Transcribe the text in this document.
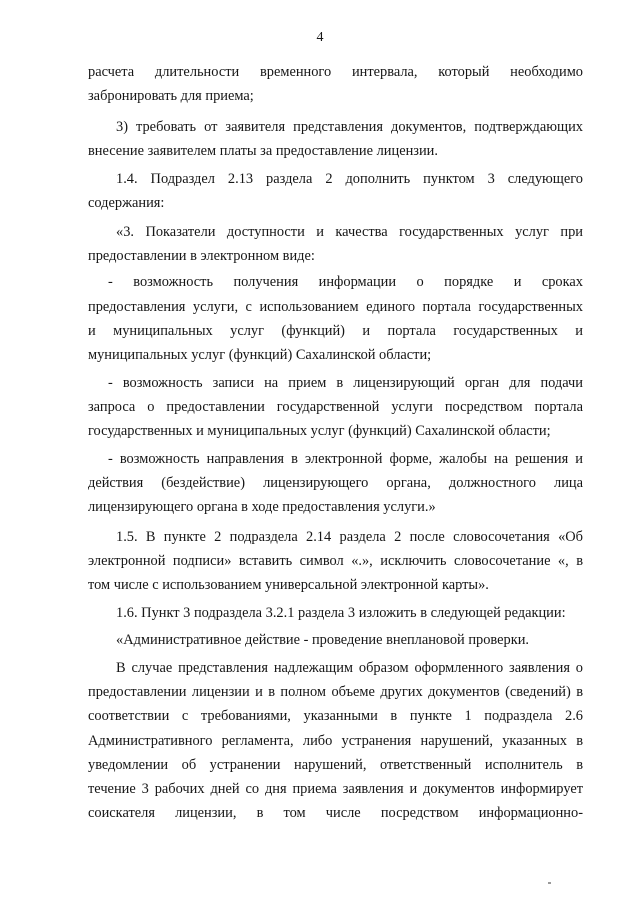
4
расчета длительности временного интервала, который необходимо
забронировать для приема;
3) требовать от заявителя представления документов, подтверждающих
внесение заявителем платы за предоставление лицензии.
1.4. Подраздел 2.13 раздела 2 дополнить пунктом 3 следующего
содержания:
«3. Показатели доступности и качества государственных услуг при
предоставлении в электронном виде:
- возможность получения информации о порядке и сроках
предоставления услуги, с использованием единого портала государственных
и муниципальных услуг (функций) и портала государственных и
муниципальных услуг (функций) Сахалинской области;
- возможность записи на прием в лицензирующий орган для подачи
запроса о предоставлении государственной услуги посредством портала
государственных и муниципальных услуг (функций) Сахалинской области;
- возможность направления в электронной форме, жалобы на решения и
действия (бездействие) лицензирующего органа, должностного лица
лицензирующего органа в ходе предоставления услуги.»
1.5. В пункте 2 подраздела 2.14 раздела 2 после словосочетания «Об
электронной подписи» вставить символ «.», исключить словосочетание «, в
том числе с использованием универсальной электронной карты».
1.6. Пункт 3 подраздела 3.2.1 раздела 3 изложить в следующей редакции:
«Административное действие - проведение внеплановой проверки.
В случае представления надлежащим образом оформленного заявления о
предоставлении лицензии и в полном объеме других документов (сведений) в
соответствии с требованиями, указанными в пункте 1 подраздела 2.6
Административного регламента, либо устранения нарушений, указанных в
уведомлении об устранении нарушений, ответственный исполнитель в
течение 3 рабочих дней со дня приема заявления и документов информирует
соискателя лицензии, в том числе посредством информационно-
